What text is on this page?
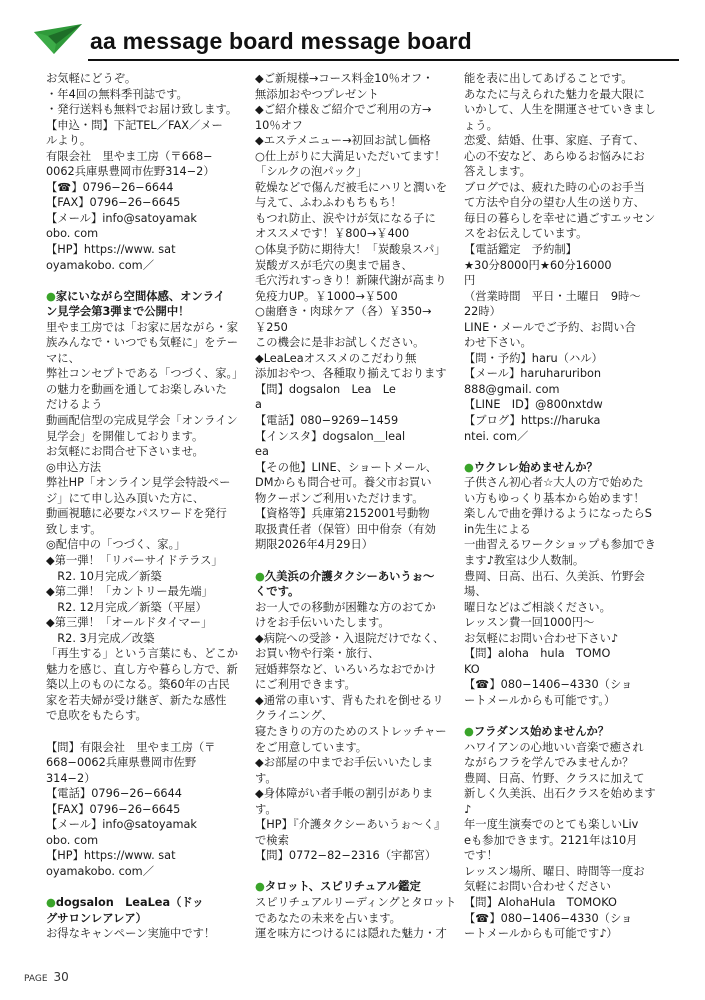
aa message board message board

お気軽にどうぞ。

・年4回の無料季刊誌です。

・発行送料も無料でお届け致します。

【申込・問】下記TEL／FAX／メー

ルより。

有限会社　里やま工房（〒668−

0062兵庫県豊岡市佐野314−2）

【☎】0796−26−6644

【FAX】0796−26−6645

【メール】info@satoyamak

obo. com

【HP】https://www. sat

oyamakobo. com／

●家にいながら空間体感、オンライ

ン見学会第3弾まで公開中！

里やま工房では「お家に居ながら・家

族みんなで・いつでも気軽に」をテー

マに、

弊社コンセプトである「つづく、家。」

の魅力を動画を通してお楽しみいた

だけるよう

動画配信型の完成見学会「オンライン

見学会」を開催しております。

お気軽にお問合せ下さいませ。

◎申込方法

弊社HP「オンライン見学会特設ペー

ジ」にて申し込み頂いた方に、

動画視聴に必要なパスワードを発行

致します。

◎配信中の「つづく、家。」

◆第一弾！「リバーサイドテラス」

　R2. 10月完成／新築

◆第二弾！「カントリー最先端」

　R2. 12月完成／新築（平屋）

◆第三弾！「オールドタイマー」

　R2. 3月完成／改築

「再生する」という言葉にも、どこか

魅力を感じ、直し方や暮らし方で、新

築以上のものになる。築60年の古民

家を若夫婦が受け継ぎ、新たな感性

で息吹をもたらす。

【問】有限会社　里やま工房（〒

668−0062兵庫県豊岡市佐野

314−2）

【電話】0796−26−6644

【FAX】0796−26−6645

【メール】info@satoyamak

obo. com

【HP】https://www. sat

oyamakobo. com／

●dogsalon　LeaLea（ドッ

グサロンレアレア）

お得なキャンペーン実施中です！

◆ご新規様→コース料金10％オフ・

無添加おやつプレゼント

◆ご紹介様＆ご紹介でご利用の方→

10％オフ

◆エステメニュー→初回お試し価格

○仕上がりに大満足いただいてます！

「シルクの泡パック」

乾燥などで傷んだ被毛にハリと潤いを

与えて、ふわふわもちもち！

もつれ防止、涙やけが気になる子に

オススメです！￥800→￥400

○体臭予防に期待大！「炭酸泉スパ」

炭酸ガスが毛穴の奥まで届き、

毛穴汚れすっきり！新陳代謝が高まり

免疫力UP。￥1000→￥500

○歯磨き・肉球ケア（各）￥350→

￥250

この機会に是非お試しください。

◆LeaLeaオススメのこだわり無

添加おやつ、各種取り揃えております

【問】dogsalon　Lea　Le

a

【電話】080−9269−1459

【インスタ】dogsalon＿leal

ea

【その他】LINE、ショートメール、

DMからも問合せ可。養父市お買い

物クーポンご利用いただけます。

【資格等】兵庫第2152001号動物

取扱責任者（保管）田中佾奈（有効

期限2026年4月29日）

●久美浜の介護タクシーあいうぉ〜

くです。

お一人での移動が困難な方のおてか

けをお手伝いいたします。

◆病院への受診・入退院だけでなく、

お買い物や行楽・旅行、

冠婚葬祭など、いろいろなおでかけ

にご利用できます。

◆通常の車いす、背もたれを倒せるリ

クライニング、

寝たきりの方のためのストレッチャー

をご用意しています。

◆お部屋の中までお手伝いいたしま

す。

◆身体障がい者手帳の割引がありま

す。

【HP】『介護タクシーあいうぉ〜く』

で検索

【問】0772−82−2316（宇都宮）

●タロット、スピリチュアル鑑定

スピリチュアルリーディングとタロット

であなたの未来を占います。

運を味方につけるには隠れた魅力・才

能を表に出してあげることです。

あなたに与えられた魅力を最大限に

いかして、人生を開運させていきまし

ょう。

恋愛、結婚、仕事、家庭、子育て、

心の不安など、あらゆるお悩みにお

答えします。

ブログでは、疲れた時の心のお手当

て方法や自分の望む人生の送り方、

毎日の暮らしを幸せに過ごすエッセン

スをお伝えしています。

【電話鑑定　予約制】

★30分8000円★60分16000

円

（営業時間　平日・土曜日　9時〜

22時）

LINE・メールでご予約、お問い合

わせ下さい。

【問・予約】haru（ハル）

【メール】haruharuribon

888@gmail. com

【LINE　ID】@800nxtdw

【ブログ】https://haruka

ntei. com／

●ウクレレ始めませんか？

子供さん初心者☆大人の方で始めた

い方もゆっくり基本から始めます！

楽しんで曲を弾けるようになったらS

in先生による

一曲習えるワークショップも参加でき

ます♪教室は少人数制。

豊岡、日高、出石、久美浜、竹野会場、

曜日などはご相談ください。

レッスン費一回1000円〜

お気軽にお問い合わせ下さい♪

【問】aloha　hula　TOMO

KO

【☎】080−1406−4330（ショ

ートメールからも可能です。）

●フラダンス始めませんか？

ハワイアンの心地いい音楽で癒され

ながらフラを学んでみませんか？

豊岡、日高、竹野、クラスに加えて

新しく久美浜、出石クラスを始めます

♪

年一度生演奏でのとても楽しいLiv

eも参加できます。2121年は10月

です！

レッスン場所、曜日、時間等一度お

気軽にお問い合わせください

【問】AlohaHula　TOMOKO

【☎】080−1406−4330（ショ

ートメールからも可能です♪）

PAGE 30
